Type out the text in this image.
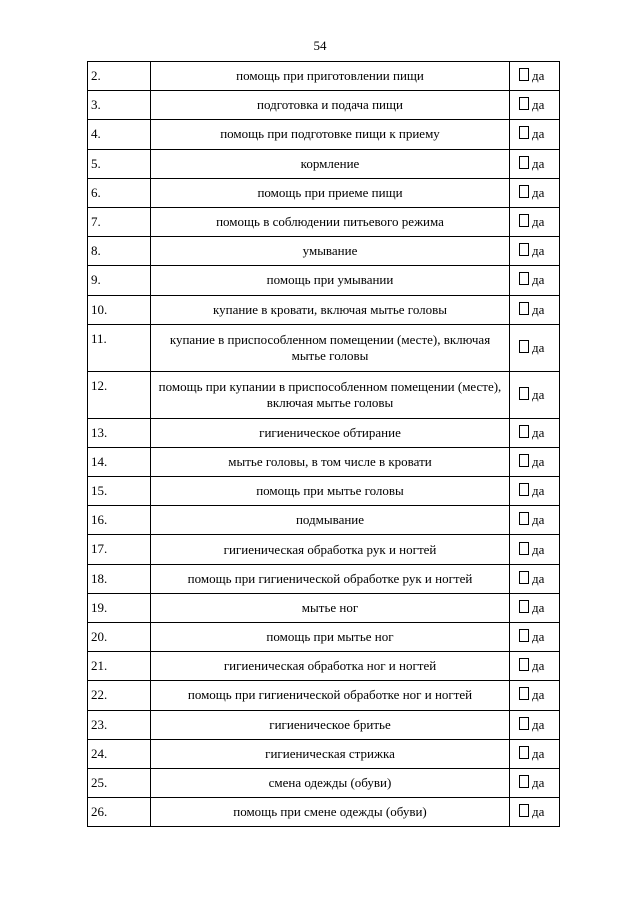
54
2.	помощь при приготовлении пищи	да
3.	подготовка и подача пищи	да
4.	помощь при подготовке пищи к приему	да
5.	кормление	да
6.	помощь при приеме пищи	да
7.	помощь в соблюдении питьевого режима	да
8.	умывание	да
9.	помощь при умывании	да
10.	купание в кровати, включая мытье головы	да
11.	купание в приспособленном помещении (месте), включая мытье головы	да
12.	помощь при купании в приспособленном помещении (месте), включая мытье головы	да
13.	гигиеническое обтирание	да
14.	мытье головы, в том числе в кровати	да
15.	помощь при мытье головы	да
16.	подмывание	да
17.	гигиеническая обработка рук и ногтей	да
18.	помощь при гигиенической обработке рук и ногтей	да
19.	мытье ног	да
20.	помощь при мытье ног	да
21.	гигиеническая обработка ног и ногтей	да
22.	помощь при гигиенической обработке ног и ногтей	да
23.	гигиеническое бритье	да
24.	гигиеническая стрижка	да
25.	смена одежды (обуви)	да
26.	помощь при смене одежды (обуви)	да
